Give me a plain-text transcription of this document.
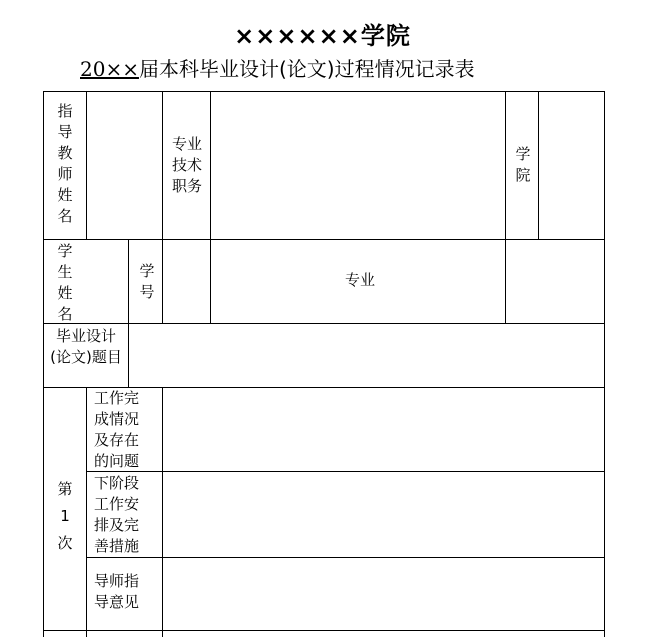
××××××学院
20××届本科毕业设计(论文)过程情况记录表
指导教师姓名
专业技术职务
学院
学生姓名
学号
专业
毕业设计(论文)题目
第 1 次
工作完成情况及存在的问题
下阶段工作安排及完善措施
导师指导意见
